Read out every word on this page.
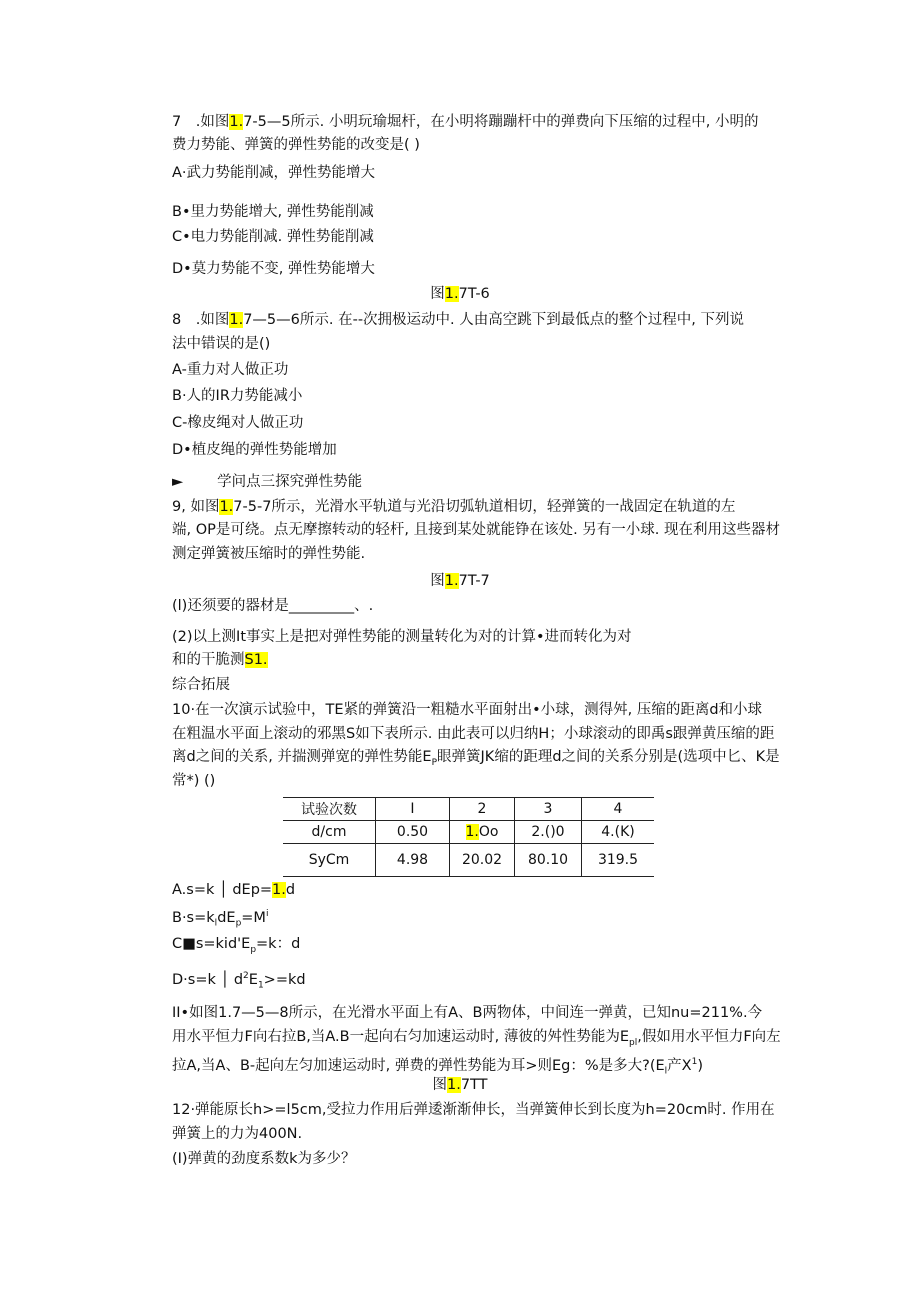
7　.如图1.7-5—5所示. 小明玩瑜堀杆，在小明将蹦蹦杆中的弹费向下压缩的过程中, 小明的
费力势能、弹簧的弹性势能的改变是( )
A·武力势能削减，弹性势能增大
B•里力势能增大, 弹性势能削减
C•电力势能削减. 弹性势能削减
D•莫力势能不变, 弹性势能增大
图1.7T-6
8　.如图1.7—5—6所示. 在--次拥极运动中. 人由高空跳下到最低点的整个过程中, 下列说
法中错误的是()
A-重力对人做正功
B·人的IR力势能减小
C-橡皮绳对人做正功
D•植皮绳的弹性势能增加
► 学问点三探究弹性势能
9, 如图1.7-5-7所示，光滑水平轨道与光沿切弧轨道相切，轻弹簧的一战固定在轨道的左
端, OP是可绕。点无摩擦转动的轻杆, 且接到某处就能铮在该处. 另有一小球. 现在利用这些器材
测定弹簧被压缩时的弹性势能.
图1.7T-7
(l)还须要的器材是_________、.
(2)以上测It事实上是把对弹性势能的测量转化为对的计算•进而转化为对
和的干脆测S1.
综合拓展
10·在一次演示试验中，TE紧的弹簧沿一粗糙水平面射出•小球，测得舛, 压缩的距离d和小球
在粗温水平面上滚动的邪黑S如下表所示. 由此表可以归纳H；小球滚动的即禹s跟弹黄压缩的距
离d之间的关系, 并揣测弹宽的弹性势能$E_P$眼弹簧JK缩的距理d之间的关系分别是(选项中匕、K是
常*) ()
试验次数	I	2	3	4
d/cm	0.50	1.Oo	2.()0	4.(K)
SyCm	4.98	20.02	80.10	319.5
A.s=k │ dEp=1.d
$B\cdot s=k_ldE_p=M^i$
$C■s=kid'E_p=k$：d
D·s=k │ $d^2E_1>=kd$
II•如图1.7—5—8所示，在光滑水平面上有A、B两物体，中间连一弹黄，已知nu=211%.今
用水平恒力F向右拉B,当A.B一起向右匀加速运动时, 薄彼的舛性势能为$E_{pl}$,假如用水平恒力F向左
拉A,当A、B-起向左匀加速运动时, 弹费的弹性势能为耳>则Eg：%是多大$?(E_l$产$X^1$)
图1.7TT
12·弹能原长h>=l5cm,受拉力作用后弹逶渐渐伸长，当弹簧伸长到长度为h=20cm时. 作用在
弹簧上的力为400N.
(I)弹黄的劲度系数k为多少？
